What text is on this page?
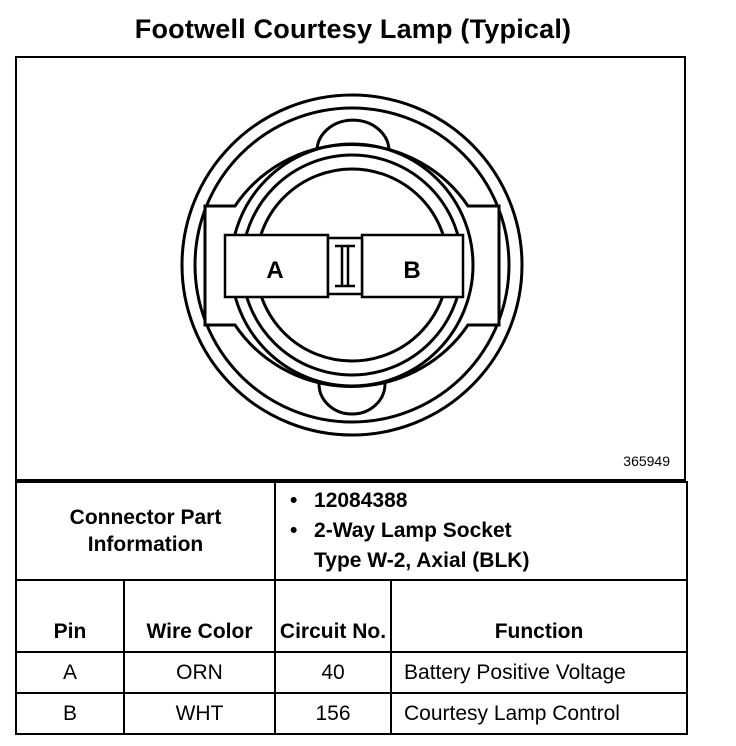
Footwell Courtesy Lamp (Typical)
A	B
365949
Connector Part Information		• 12084388
• 2-Way Lamp Socket
Type W-2, Axial (BLK)

Pin	Wire Color	Circuit No.	Function
A	ORN	40	Battery Positive Voltage
B	WHT	156	Courtesy Lamp Control
